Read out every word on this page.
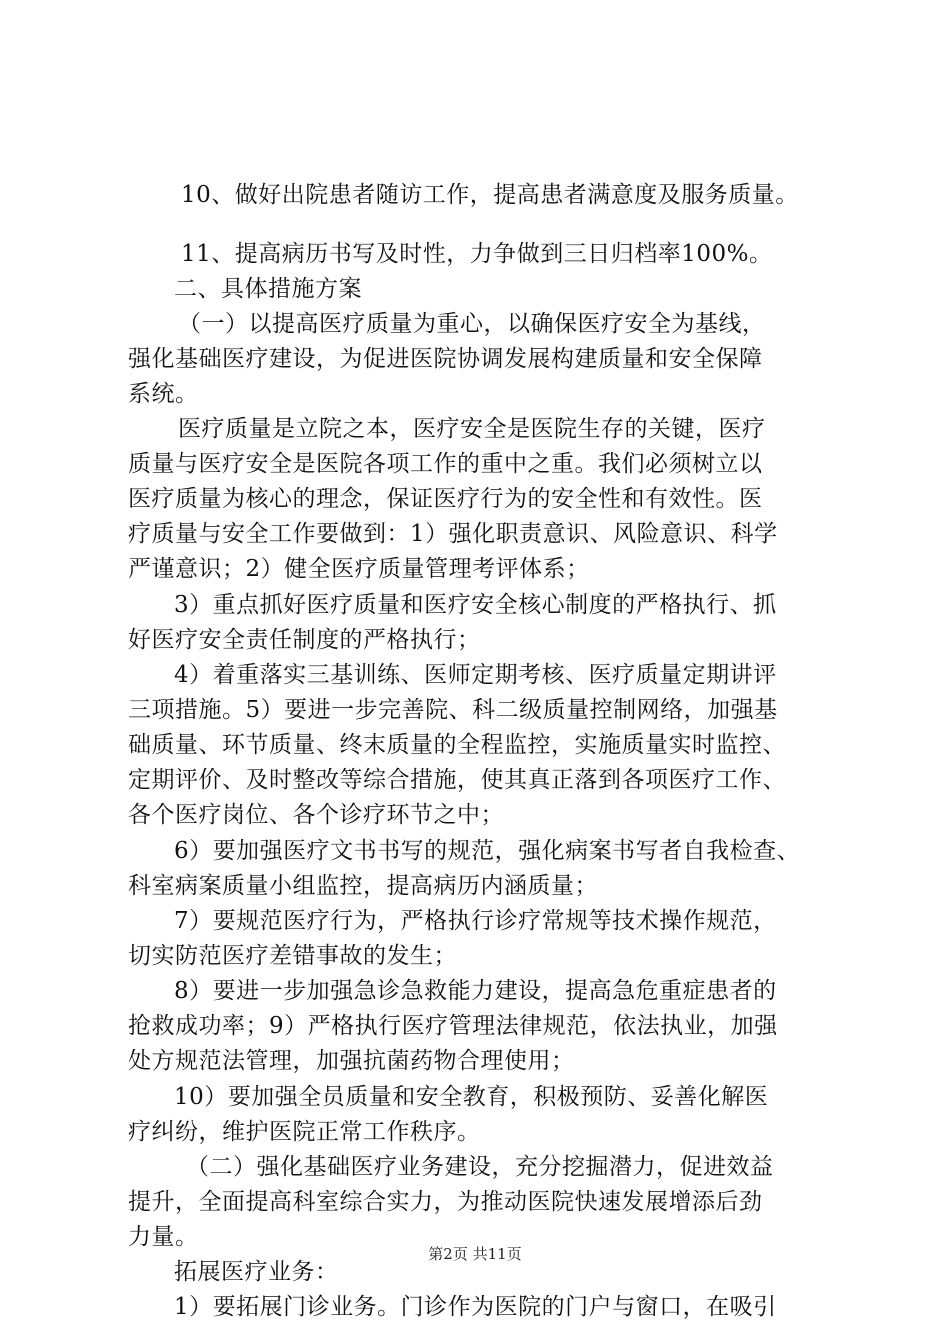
10、做好出院患者随访工作，提高患者满意度及服务质量。
11、提高病历书写及时性，力争做到三日归档率100%。
二、具体措施方案
（一）以提高医疗质量为重心，以确保医疗安全为基线，
强化基础医疗建设，为促进医院协调发展构建质量和安全保障
系统。
医疗质量是立院之本，医疗安全是医院生存的关键，医疗
质量与医疗安全是医院各项工作的重中之重。我们必须树立以
医疗质量为核心的理念，保证医疗行为的安全性和有效性。医
疗质量与安全工作要做到：1）强化职责意识、风险意识、科学
严谨意识；2）健全医疗质量管理考评体系；
3）重点抓好医疗质量和医疗安全核心制度的严格执行、抓
好医疗安全责任制度的严格执行；
4）着重落实三基训练、医师定期考核、医疗质量定期讲评
三项措施。5）要进一步完善院、科二级质量控制网络，加强基
础质量、环节质量、终末质量的全程监控，实施质量实时监控、
定期评价、及时整改等综合措施，使其真正落到各项医疗工作、
各个医疗岗位、各个诊疗环节之中；
6）要加强医疗文书书写的规范，强化病案书写者自我检查、
科室病案质量小组监控，提高病历内涵质量；
7）要规范医疗行为，严格执行诊疗常规等技术操作规范，
切实防范医疗差错事故的发生；
8）要进一步加强急诊急救能力建设，提高急危重症患者的
抢救成功率；9）严格执行医疗管理法律规范，依法执业，加强
处方规范法管理，加强抗菌药物合理使用；
10）要加强全员质量和安全教育，积极预防、妥善化解医
疗纠纷，维护医院正常工作秩序。
（二）强化基础医疗业务建设，充分挖掘潜力，促进效益
提升，全面提高科室综合实力，为推动医院快速发展增添后劲
力量。
拓展医疗业务：
1）要拓展门诊业务。门诊作为医院的门户与窗口，在吸引
第2页 共11页
